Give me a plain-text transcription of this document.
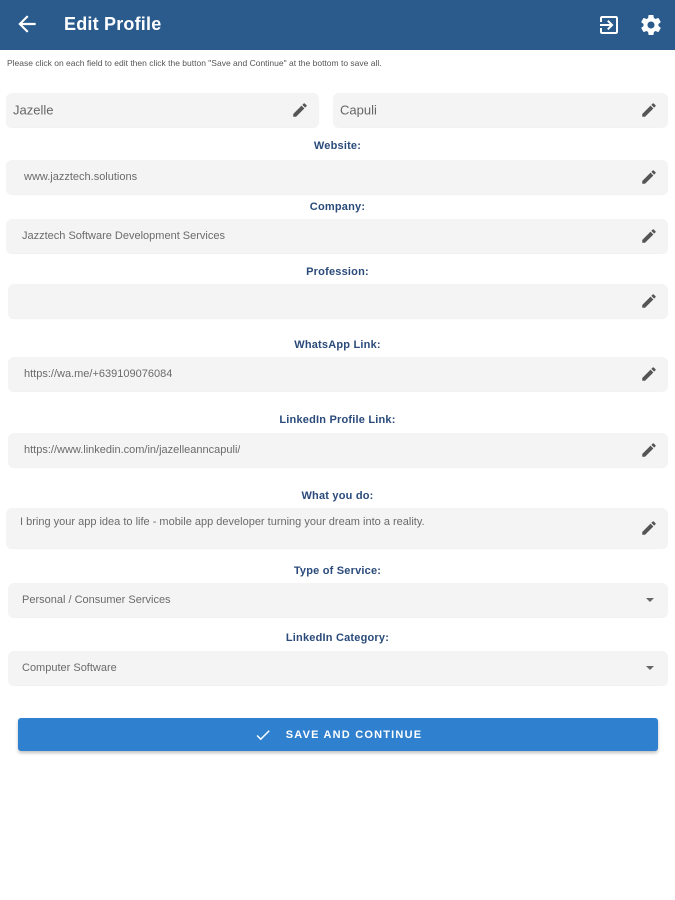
Edit Profile
Please click on each field to edit then click the button "Save and Continue" at the bottom to save all.
Jazelle	Capuli
Website:
www.jazztech.solutions
Company:
Jazztech Software Development Services
Profession:
WhatsApp Link:
https://wa.me/+639109076084
LinkedIn Profile Link:
https://www.linkedin.com/in/jazelleanncapuli/
What you do:
I bring your app idea to life - mobile app developer turning your dream into a reality.
Type of Service:
Personal / Consumer Services
LinkedIn Category:
Computer Software
SAVE AND CONTINUE
